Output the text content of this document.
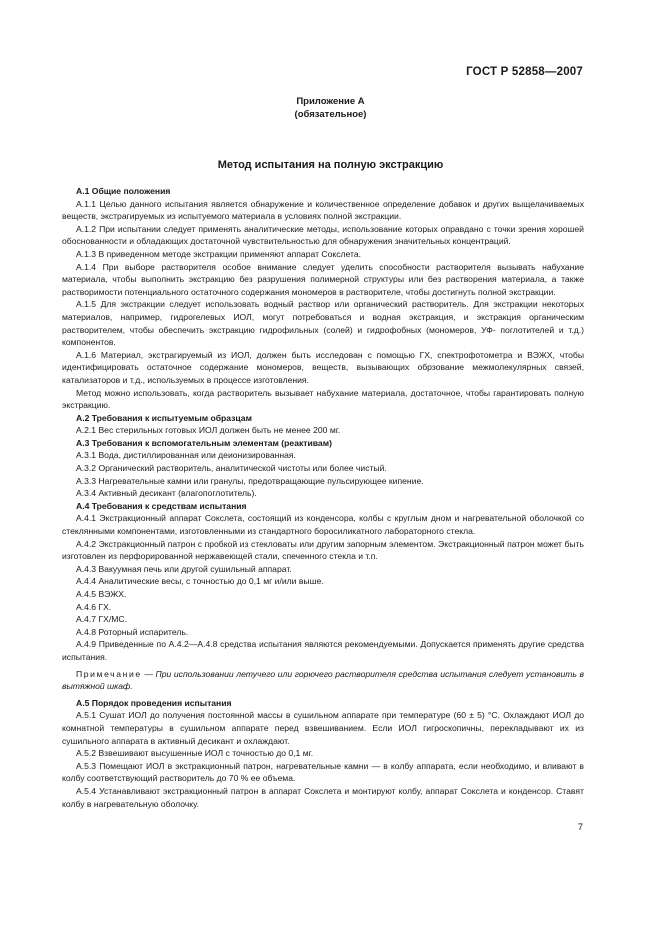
ГОСТ Р 52858—2007
Приложение А
(обязательное)
Метод испытания на полную экстракцию

А.1 Общие положения

А.1.1 Целью данного испытания является обнаружение и количественное определение добавок и других выщелачиваемых веществ, экстрагируемых из испытуемого материала в условиях полной экстракции.

А.1.2 При испытании следует применять аналитические методы, использование которых оправдано с точки зрения хорошей обоснованности и обладающих достаточной чувствительностью для обнаружения значительных концентраций.

А.1.3 В приведенном методе экстракции применяют аппарат Сокслета.

А.1.4 При выборе растворителя особое внимание следует уделить способности растворителя вызывать набухание материала, чтобы выполнить экстракцию без разрушения полимерной структуры или без растворения материала, а также растворимости потенциального остаточного содержания мономеров в растворителе, чтобы достигнуть полной экстракции.

А.1.5 Для экстракции следует использовать водный раствор или органический растворитель. Для экстракции некоторых материалов, например, гидрогелевых ИОЛ, могут потребоваться и водная экстракция, и экстракция органическим растворителем, чтобы обеспечить экстракцию гидрофильных (солей) и гидрофобных (мономеров, УФ- поглотителей и т.д.) компонентов.

А.1.6 Материал, экстрагируемый из ИОЛ, должен быть исследован с помощью ГХ, спектрофотометра и ВЭЖХ, чтобы идентифицировать остаточное содержание мономеров, веществ, вызывающих обрзование межмолекулярных связей, катализаторов и т.д., используемых в процессе изготовления.

Метод можно использовать, когда растворитель вызывает набухание материала, достаточное, чтобы гарантировать полную экстракцию.

А.2 Требования к испытуемым образцам

А.2.1 Вес стерильных готовых ИОЛ должен быть не менее 200 мг.

А.3 Требования к вспомогательным элементам (реактивам)

А.3.1 Вода, дистиллированная или деионизированная.

А.3.2 Органический растворитель, аналитической чистоты или более чистый.

А.3.3 Нагревательные камни или гранулы, предотвращающие пульсирующее кипение.

А.3.4 Активный десикант (влагопоглотитель).

А.4 Требования к средствам испытания

А.4.1 Экстракционный аппарат Сокслета, состоящий из конденсора, колбы с круглым дном и нагревательной оболочкой со стеклянными компонентами, изготовленными из стандартного боросиликатного лабораторного стекла.

А.4.2 Экстракционный патрон с пробкой из стекловаты или другим запорным элементом. Экстракционный патрон может быть изготовлен из перфорированной нержавеющей стали, спеченного стекла и т.п.

А.4.3 Вакуумная печь или другой сушильный аппарат.

А.4.4 Аналитические весы, с точностью до 0,1 мг и/или выше.

А.4.5 ВЭЖХ.

А.4.6 ГХ.

А.4.7 ГХ/МС.

А.4.8 Роторный испаритель.

А.4.9 Приведенные по А.4.2—А.4.8 средства испытания являются рекомендуемыми. Допускается применять другие средства испытания.

Примечание — При использовании летучего или горючего растворителя средства испытания следует установить в вытяжной шкаф.

А.5 Порядок проведения испытания

А.5.1 Сушат ИОЛ до получения постоянной массы в сушильном аппарате при температуре (60 ± 5) °С. Охлаждают ИОЛ до комнатной температуры в сушильном аппарате перед взвешиванием. Если ИОЛ гигроскопичны, перекладывают их из сушильного аппарата в активный десикант и охлаждают.

А.5.2 Взвешивают высушенные ИОЛ с точностью до 0,1 мг.

А.5.3 Помещают ИОЛ в экстракционный патрон, нагревательные камни — в колбу аппарата, если необходимо, и вливают в колбу соответствующий растворитель до 70 % ее объема.

А.5.4 Устанавливают экстракционный патрон в аппарат Сокслета и монтируют колбу, аппарат Сокслета и конденсор. Ставят колбу в нагревательную оболочку.

7
